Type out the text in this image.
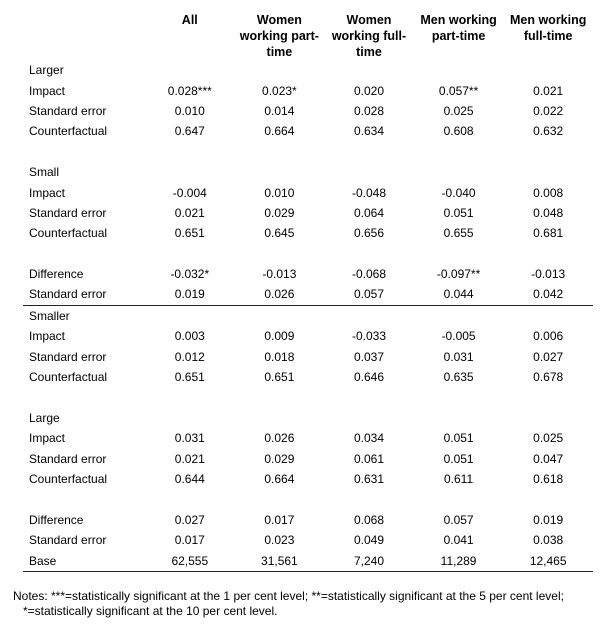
	All	Women working part-time	Women working full-time	Men working part-time	Men working full-time
Larger					
Impact	0.028***	0.023*	0.020	0.057**	0.021
Standard error	0.010	0.014	0.028	0.025	0.022
Counterfactual	0.647	0.664	0.634	0.608	0.632

Small					
Impact	-0.004	0.010	-0.048	-0.040	0.008
Standard error	0.021	0.029	0.064	0.051	0.048
Counterfactual	0.651	0.645	0.656	0.655	0.681

Difference	-0.032*	-0.013	-0.068	-0.097**	-0.013
Standard error	0.019	0.026	0.057	0.044	0.042

Smaller					
Impact	0.003	0.009	-0.033	-0.005	0.006
Standard error	0.012	0.018	0.037	0.031	0.027
Counterfactual	0.651	0.651	0.646	0.635	0.678

Large					
Impact	0.031	0.026	0.034	0.051	0.025
Standard error	0.021	0.029	0.061	0.051	0.047
Counterfactual	0.644	0.664	0.631	0.611	0.618

Difference	0.027	0.017	0.068	0.057	0.019
Standard error	0.017	0.023	0.049	0.041	0.038
Base	62,555	31,561	7,240	11,289	12,465

Notes: ***=statistically significant at the 1 per cent level; **=statistically significant at the 5 per cent level;
*=statistically significant at the 10 per cent level.
